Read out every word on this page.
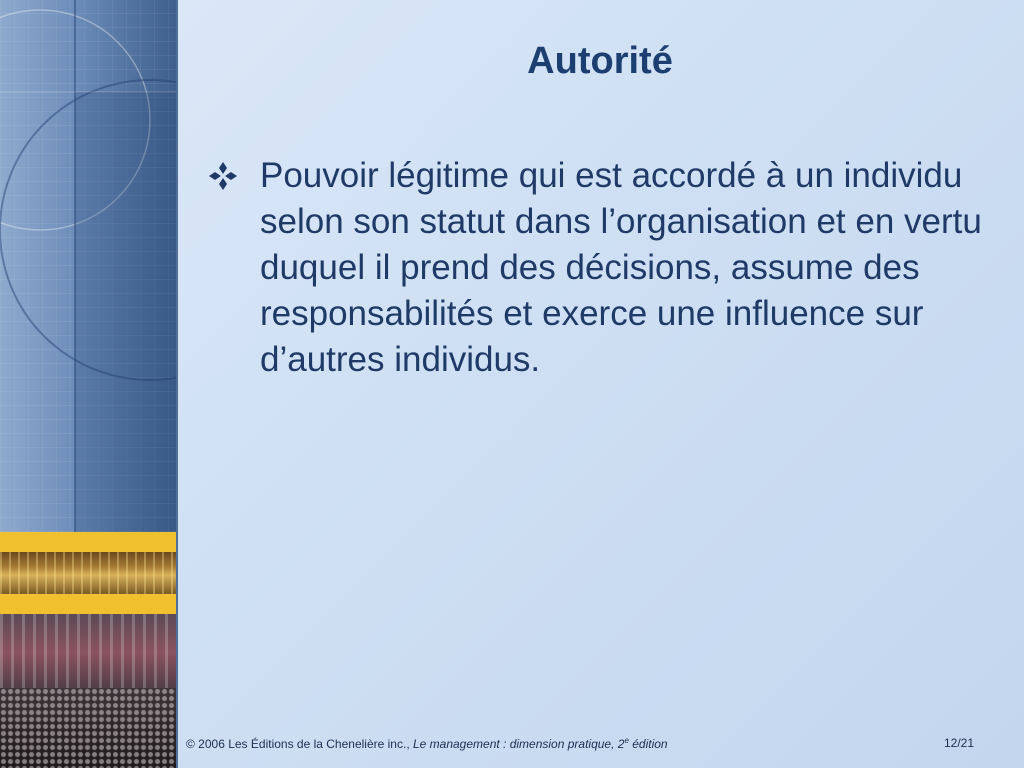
Autorité

Pouvoir légitime qui est accordé à un individu selon son statut dans l’organisation et en vertu duquel il prend des décisions, assume des responsabilités et exerce une influence sur d’autres individus.

© 2006 Les Éditions de la Chenelière inc., Le management : dimension pratique, 2e édition	12/21
